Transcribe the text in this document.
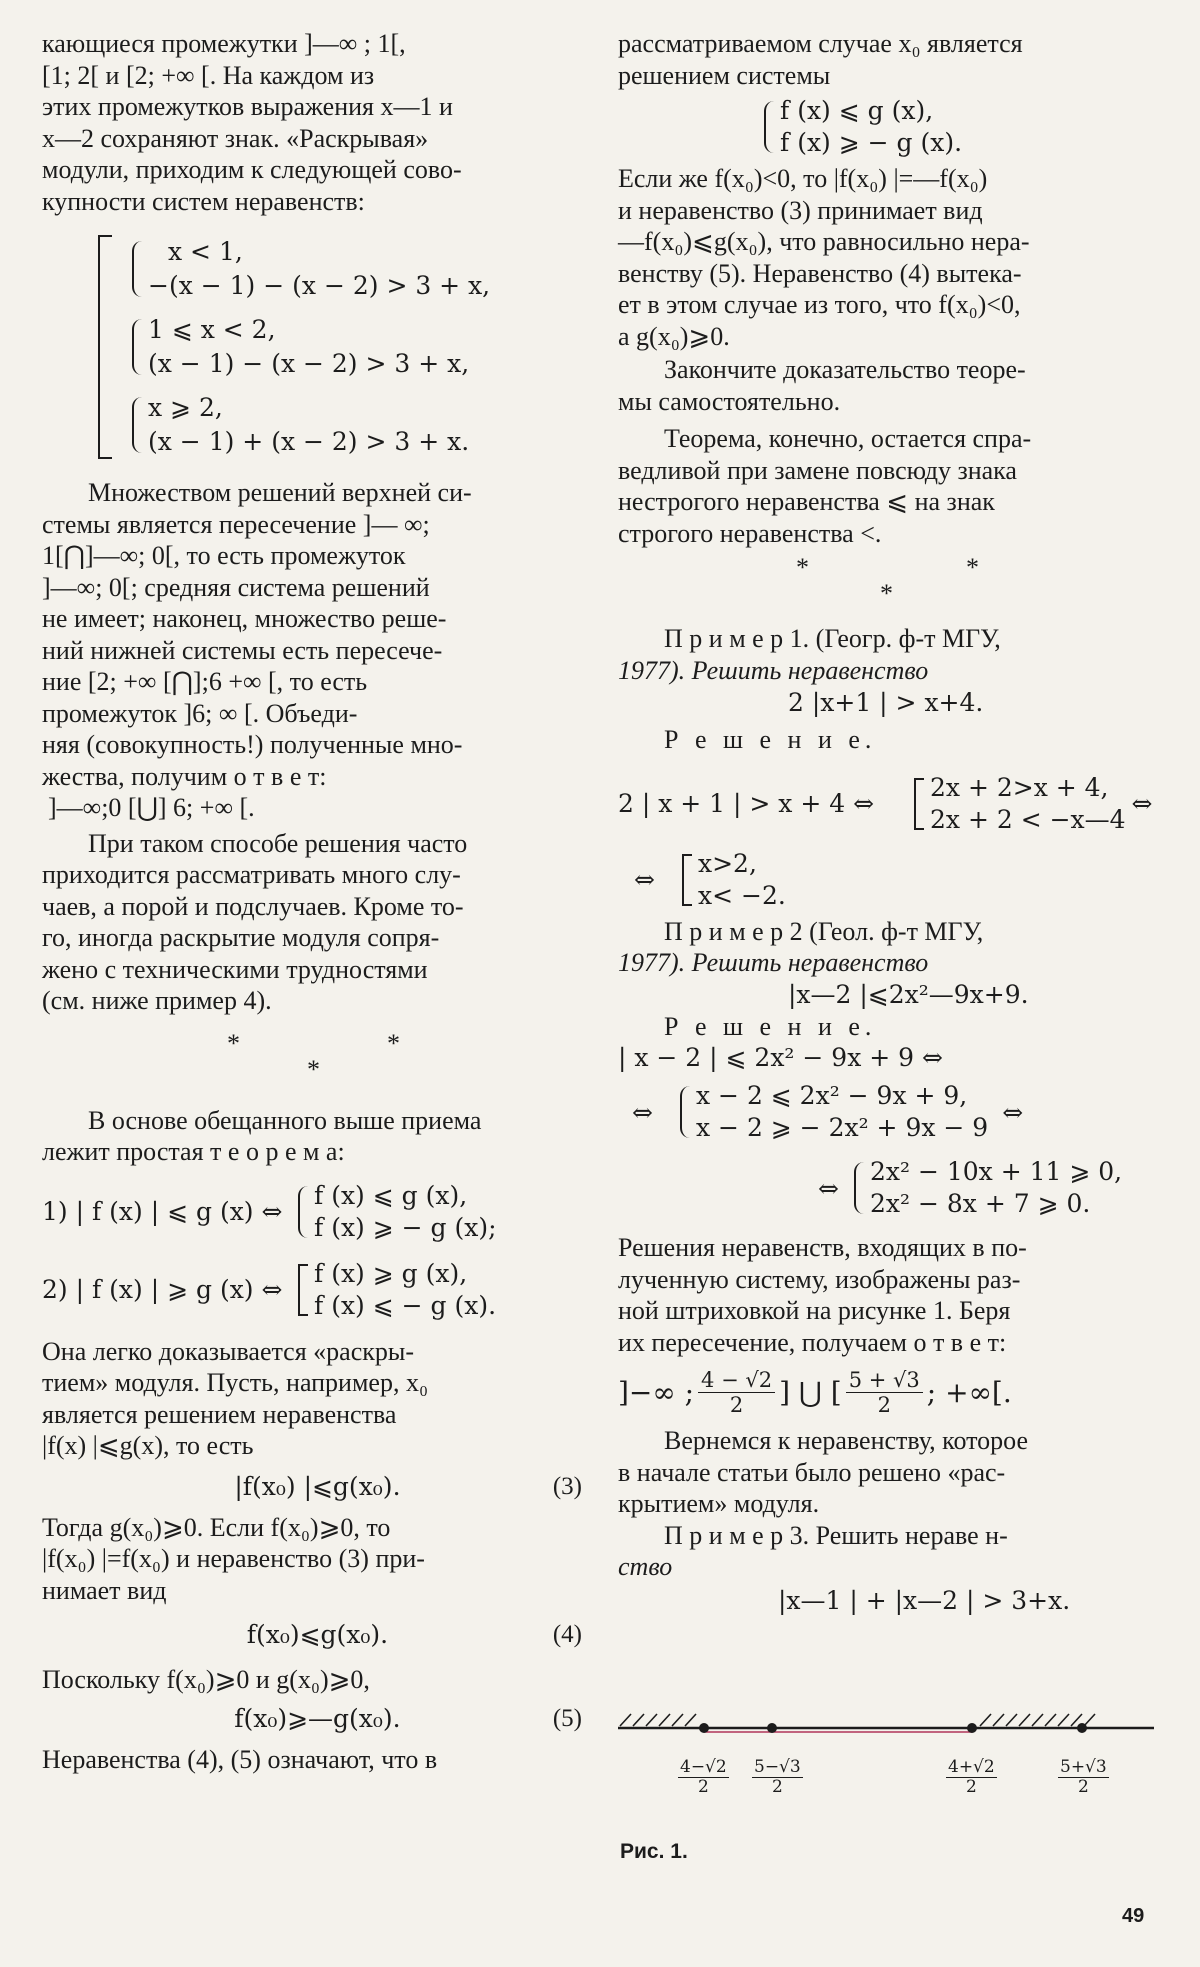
кающиеся промежутки ]—∞ ; 1[,

[1; 2[ и [2; +∞ [. На каждом из

этих промежутков выражения x—1 и

x—2 сохраняют знак. «Раскрывая»

модули, приходим к следующей сово-

купности систем неравенств:

x < 1,
−(x − 1) − (x − 2) > 3 + x,
1 ⩽ x < 2,
(x − 1) − (x − 2) > 3 + x,
x ⩾ 2,
(x − 1) + (x − 2) > 3 + x.

Множеством решений верхней си-

стемы является пересечение ]— ∞;

1[⋂]—∞; 0[, то есть промежуток

]—∞; 0[; средняя система решений

не имеет; наконец, множество реше-

ний нижней системы есть пересече-

ние [2; +∞ [⋂];6 +∞ [, то есть

промежуток ]6; ∞ [. Объеди-

няя (совокупность!) полученные мно-

жества, получим о т в е т:

]—∞;0 [⋃] 6; +∞ [.

При таком способе решения часто

приходится рассматривать много слу-

чаев, а порой и подслучаев. Кроме то-

го, иногда раскрытие модуля сопря-

жено с техническими трудностями

(см. ниже пример 4).

*	*
*

В основе обещанного выше приема

лежит простая т е о р е м а:

1) | f (x) | ⩽ g (x) ⇔
f (x) ⩽ g (x),
f (x) ⩾ − g (x);
2) | f (x) | ⩾ g (x) ⇔
f (x) ⩾ g (x),
f (x) ⩽ − g (x).

Она легко доказывается «раскры-

тием» модуля. Пусть, например, x₀

является решением неравенства

|f(x) |⩽g(x), то есть

|f(x₀) |⩽g(x₀).	(3)

Тогда g(x₀)⩾0. Если f(x₀)⩾0, то

|f(x₀) |=f(x₀) и неравенство (3) при-

нимает вид

f(x₀)⩽g(x₀).	(4)

Поскольку f(x₀)⩾0 и g(x₀)⩾0,

f(x₀)⩾—g(x₀).	(5)

Неравенства (4), (5) означают, что в

рассматриваемом случае x₀ является

решением системы

f (x) ⩽ g (x),
f (x) ⩾ − g (x).

Если же f(x₀)<0, то |f(x₀) |=—f(x₀)

и неравенство (3) принимает вид

—f(x₀)⩽g(x₀), что равносильно нера-

венству (5). Неравенство (4) вытека-

ет в этом случае из того, что f(x₀)<0,

а g(x₀)⩾0.

Закончите доказательство теоре-

мы самостоятельно.

Теорема, конечно, остается спра-

ведливой при замене повсюду знака

нестрогого неравенства ⩽ на знак

строгого неравенства <.

*	*
*

П р и м е р 1. (Геогр. ф-т МГУ,

1977). Решить неравенство

2 |x+1 | > x+4.

Р е ш е н и е.

2 | x + 1 | > x + 4 ⇔
2x + 2>x + 4,
2x + 2 < −x—4
⇔
⇔
x>2,
x< −2.

П р и м е р 2 (Геол. ф-т МГУ,

1977). Решить неравенство

|x—2 |⩽2x²—9x+9.

Р е ш е н и е.

| x − 2 | ⩽ 2x² − 9x + 9 ⇔

⇔
x − 2 ⩽ 2x² − 9x + 9,
x − 2 ⩾ − 2x² + 9x − 9
⇔
⇔
2x² − 10x + 11 ⩾ 0,
2x² − 8x + 7 ⩾ 0.

Решения неравенств, входящих в по-

лученную систему, изображены раз-

ной штриховкой на рисунке 1. Беря

их пересечение, получаем о т в е т:

]−∞ ; $\frac{4 - √2}{2}$ ] ⋃ [ $\frac{5 + √3}{2}$ ; +∞[.

Вернемся к неравенству, которое

в начале статьи было решено «рас-

крытием» модуля.

П р и м е р 3. Решить нераве н-

ство

|x—1 | + |x—2 | > 3+x.

$\frac{4-√2}{2} \frac{5-√3}{2}$	$\frac{4+√2}{2}$	$\frac{5+√3}{2}$
Рис. 1.
49
